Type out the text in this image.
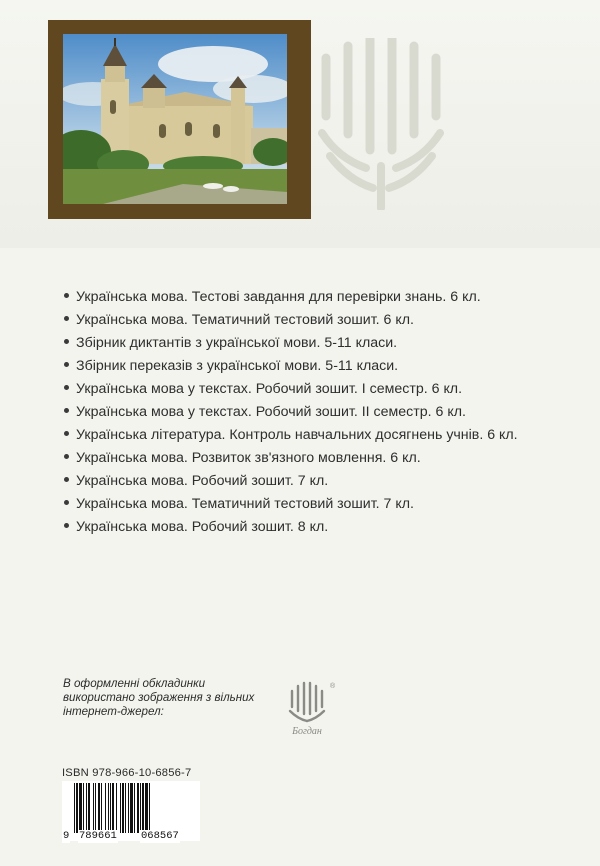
Українська мова. Тестові завдання для перевірки знань. 6 кл.
Українська мова. Тематичний тестовий зошит. 6 кл.
Збірник диктантів з української мови. 5-11 класи.
Збірник переказів з української мови. 5-11 класи.
Українська мова у текстах. Робочий зошит. I семестр. 6 кл.
Українська мова у текстах. Робочий зошит. II семестр. 6 кл.
Українська література. Контроль навчальних досягнень учнів. 6 кл.
Українська мова. Розвиток зв'язного мовлення. 6 кл.
Українська мова. Робочий зошит. 7 кл.
Українська мова. Тематичний тестовий зошит. 7 кл.
Українська мова. Робочий зошит. 8 кл.
В оформленні обкладинки
використано зображення з вільних
інтернет-джерел:
Богдан
®
ISBN 978-966-10-6856-7
9 789661 068567
